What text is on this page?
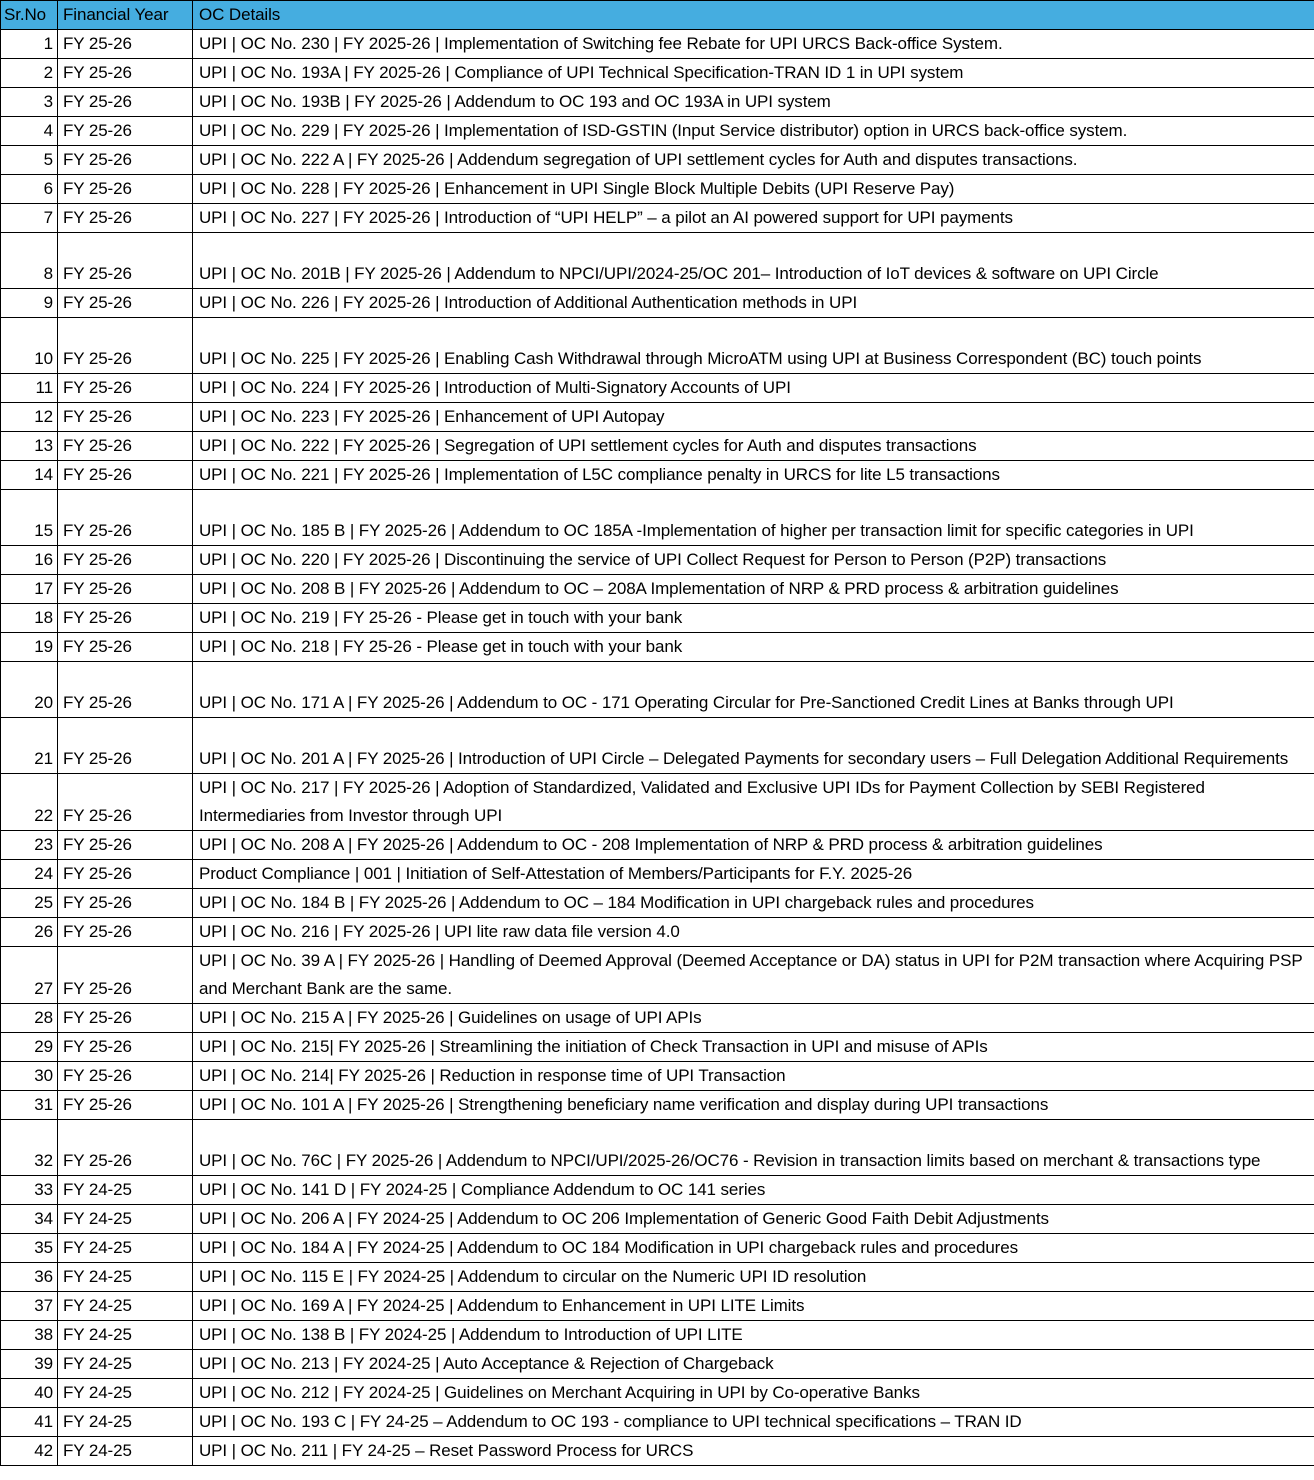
Sr.No	Financial Year	OC Details
1	FY 25-26	UPI | OC No. 230 | FY 2025-26 | Implementation of Switching fee Rebate for UPI URCS Back-office System.
2	FY 25-26	UPI | OC No. 193A | FY 2025-26 | Compliance of UPI Technical Specification-TRAN ID 1 in UPI system
3	FY 25-26	UPI | OC No. 193B | FY 2025-26 | Addendum to OC 193 and OC 193A in UPI system
4	FY 25-26	UPI | OC No. 229 | FY 2025-26 | Implementation of ISD-GSTIN (Input Service distributor) option in URCS back-office system.
5	FY 25-26	UPI | OC No. 222 A | FY 2025-26 | Addendum segregation of UPI settlement cycles for Auth and disputes transactions.
6	FY 25-26	UPI | OC No. 228 | FY 2025-26 | Enhancement in UPI Single Block Multiple Debits (UPI Reserve Pay)
7	FY 25-26	UPI | OC No. 227 | FY 2025-26 | Introduction of “UPI HELP” – a pilot an AI powered support for UPI payments
8	FY 25-26	UPI | OC No. 201B | FY 2025-26 | Addendum to NPCI/UPI/2024-25/OC 201– Introduction of IoT devices & software on UPI Circle
9	FY 25-26	UPI | OC No. 226 | FY 2025-26 | Introduction of Additional Authentication methods in UPI
10	FY 25-26	UPI | OC No. 225 | FY 2025-26 | Enabling Cash Withdrawal through MicroATM using UPI at Business Correspondent (BC) touch points
11	FY 25-26	UPI | OC No. 224 | FY 2025-26 | Introduction of Multi-Signatory Accounts of UPI
12	FY 25-26	UPI | OC No. 223 | FY 2025-26 | Enhancement of UPI Autopay
13	FY 25-26	UPI | OC No. 222 | FY 2025-26 | Segregation of UPI settlement cycles for Auth and disputes transactions
14	FY 25-26	UPI | OC No. 221 | FY 2025-26 | Implementation of L5C compliance penalty in URCS for lite L5 transactions
15	FY 25-26	UPI | OC No. 185 B | FY 2025-26 | Addendum to OC 185A -Implementation of higher per transaction limit for specific categories in UPI
16	FY 25-26	UPI | OC No. 220 | FY 2025-26 | Discontinuing the service of UPI Collect Request for Person to Person (P2P) transactions
17	FY 25-26	UPI | OC No. 208 B | FY 2025-26 | Addendum to OC – 208A Implementation of NRP & PRD process & arbitration guidelines
18	FY 25-26	UPI | OC No. 219 | FY 25-26 - Please get in touch with your bank
19	FY 25-26	UPI | OC No. 218 | FY 25-26 - Please get in touch with your bank
20	FY 25-26	UPI | OC No. 171 A | FY 2025-26 | Addendum to OC - 171 Operating Circular for Pre-Sanctioned Credit Lines at Banks through UPI
21	FY 25-26	UPI | OC No. 201 A | FY 2025-26 | Introduction of UPI Circle – Delegated Payments for secondary users – Full Delegation Additional Requirements
22	FY 25-26	UPI | OC No. 217 | FY 2025-26 | Adoption of Standardized, Validated and Exclusive UPI IDs for Payment Collection by SEBI Registered Intermediaries from Investor through UPI
23	FY 25-26	UPI | OC No. 208 A | FY 2025-26 | Addendum to OC - 208 Implementation of NRP & PRD process & arbitration guidelines
24	FY 25-26	Product Compliance | 001 | Initiation of Self-Attestation of Members/Participants for F.Y. 2025-26
25	FY 25-26	UPI | OC No. 184 B | FY 2025-26 | Addendum to OC – 184 Modification in UPI chargeback rules and procedures
26	FY 25-26	UPI | OC No. 216 | FY 2025-26 | UPI lite raw data file version 4.0
27	FY 25-26	UPI | OC No. 39 A | FY 2025-26 | Handling of Deemed Approval (Deemed Acceptance or DA) status in UPI for P2M transaction where Acquiring PSP and Merchant Bank are the same.
28	FY 25-26	UPI | OC No. 215 A | FY 2025-26 | Guidelines on usage of UPI APIs
29	FY 25-26	UPI | OC No. 215| FY 2025-26 | Streamlining the initiation of Check Transaction in UPI and misuse of APIs
30	FY 25-26	UPI | OC No. 214| FY 2025-26 | Reduction in response time of UPI Transaction
31	FY 25-26	UPI | OC No. 101 A | FY 2025-26 | Strengthening beneficiary name verification and display during UPI transactions
32	FY 25-26	UPI | OC No. 76C | FY 2025-26 | Addendum to NPCI/UPI/2025-26/OC76 - Revision in transaction limits based on merchant & transactions type
33	FY 24-25	UPI | OC No. 141 D | FY 2024-25 | Compliance Addendum to OC 141 series
34	FY 24-25	UPI | OC No. 206 A | FY 2024-25 | Addendum to OC 206 Implementation of Generic Good Faith Debit Adjustments
35	FY 24-25	UPI | OC No. 184 A | FY 2024-25 | Addendum to OC 184 Modification in UPI chargeback rules and procedures
36	FY 24-25	UPI | OC No. 115 E | FY 2024-25 | Addendum to circular on the Numeric UPI ID resolution
37	FY 24-25	UPI | OC No. 169 A | FY 2024-25 | Addendum to Enhancement in UPI LITE Limits
38	FY 24-25	UPI | OC No. 138 B | FY 2024-25 | Addendum to Introduction of UPI LITE
39	FY 24-25	UPI | OC No. 213 | FY 2024-25 | Auto Acceptance & Rejection of Chargeback
40	FY 24-25	UPI | OC No. 212 | FY 2024-25 | Guidelines on Merchant Acquiring in UPI by Co-operative Banks
41	FY 24-25	UPI | OC No. 193 C | FY 24-25 – Addendum to OC 193 - compliance to UPI technical specifications – TRAN ID
42	FY 24-25	UPI | OC No. 211 | FY 24-25 – Reset Password Process for URCS
